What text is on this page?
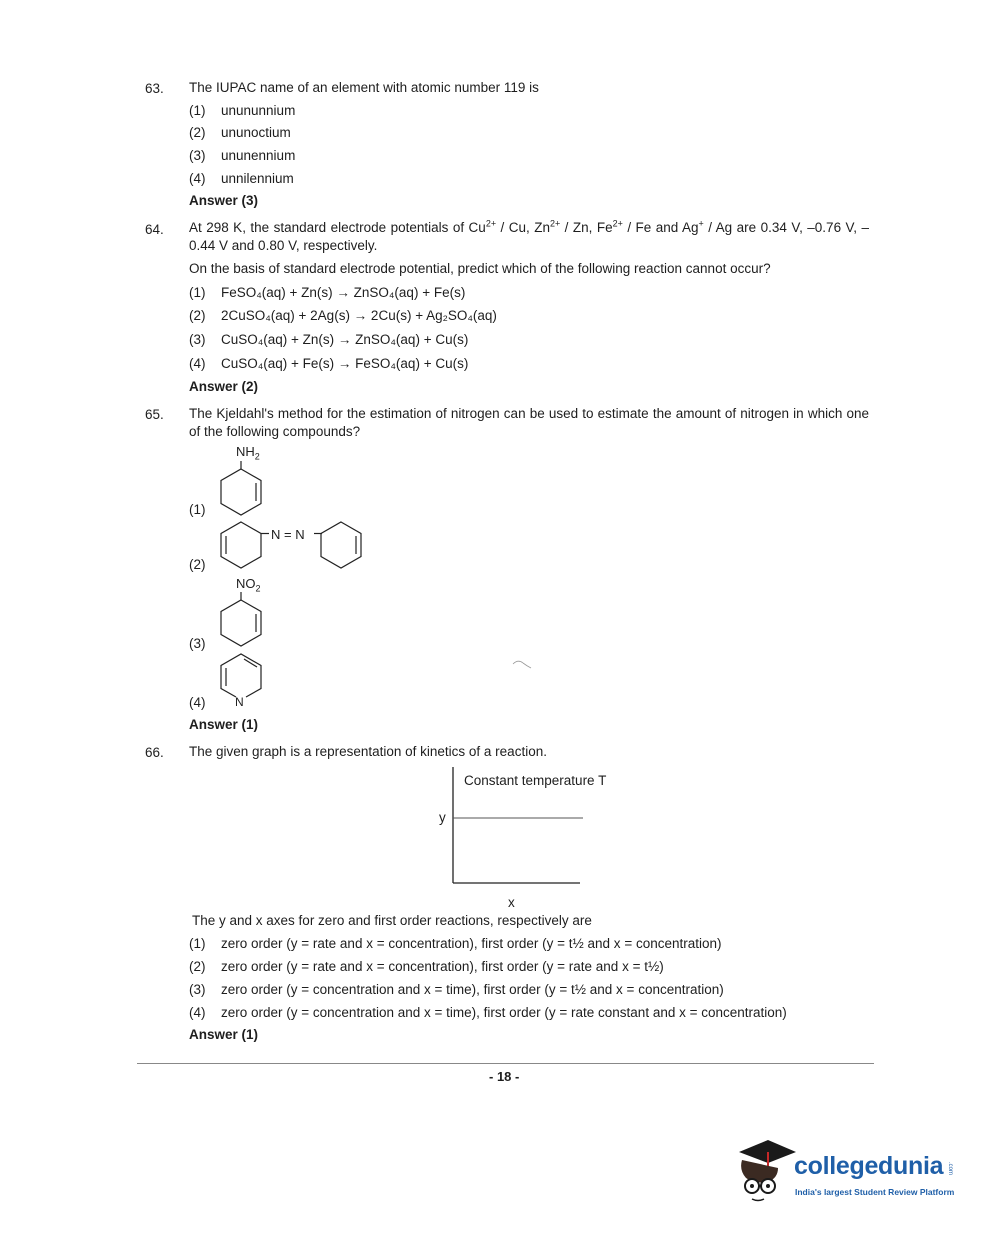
63. The IUPAC name of an element with atomic number 119 is
(1) unununnium
(2) ununoctium
(3) ununennium
(4) unnilennium
Answer (3)
64. At 298 K, the standard electrode potentials of $Cu^{2+}$ / Cu, $Zn^{2+}$ / Zn, $Fe^{2+}$ / Fe and Ag+ / Ag are 0.34 V, –0.76 V, –0.44 V and 0.80 V, respectively.
On the basis of standard electrode potential, predict which of the following reaction cannot occur?
(1) FeSO₄(aq) + Zn(s) → ZnSO₄(aq) + Fe(s)
(2) 2CuSO₄(aq) + 2Ag(s) → 2Cu(s) + Ag₂SO₄(aq)
(3) CuSO₄(aq) + Zn(s) → ZnSO₄(aq) + Cu(s)
(4) CuSO₄(aq) + Fe(s) → FeSO₄(aq) + Cu(s)
Answer (2)
65. The Kjeldahl's method for the estimation of nitrogen can be used to estimate the amount of nitrogen in which one of the following compounds?
(1)
(2)
(3)
(4)
$NH_2$
N = N
$NO_2$
N
Answer (1)
66. The given graph is a representation of kinetics of a reaction.
Constant temperature T
y
x
The y and x axes for zero and first order reactions, respectively are
(1) zero order (y = rate and x = concentration), first order (y = t½ and x = concentration)
(2) zero order (y = rate and x = concentration), first order (y = rate and x = t½)
(3) zero order (y = concentration and x = time), first order (y = t½ and x = concentration)
(4) zero order (y = concentration and x = time), first order (y = rate constant and x = concentration)
Answer (1)
- 18 -
collegedunia .com
India's largest Student Review Platform
